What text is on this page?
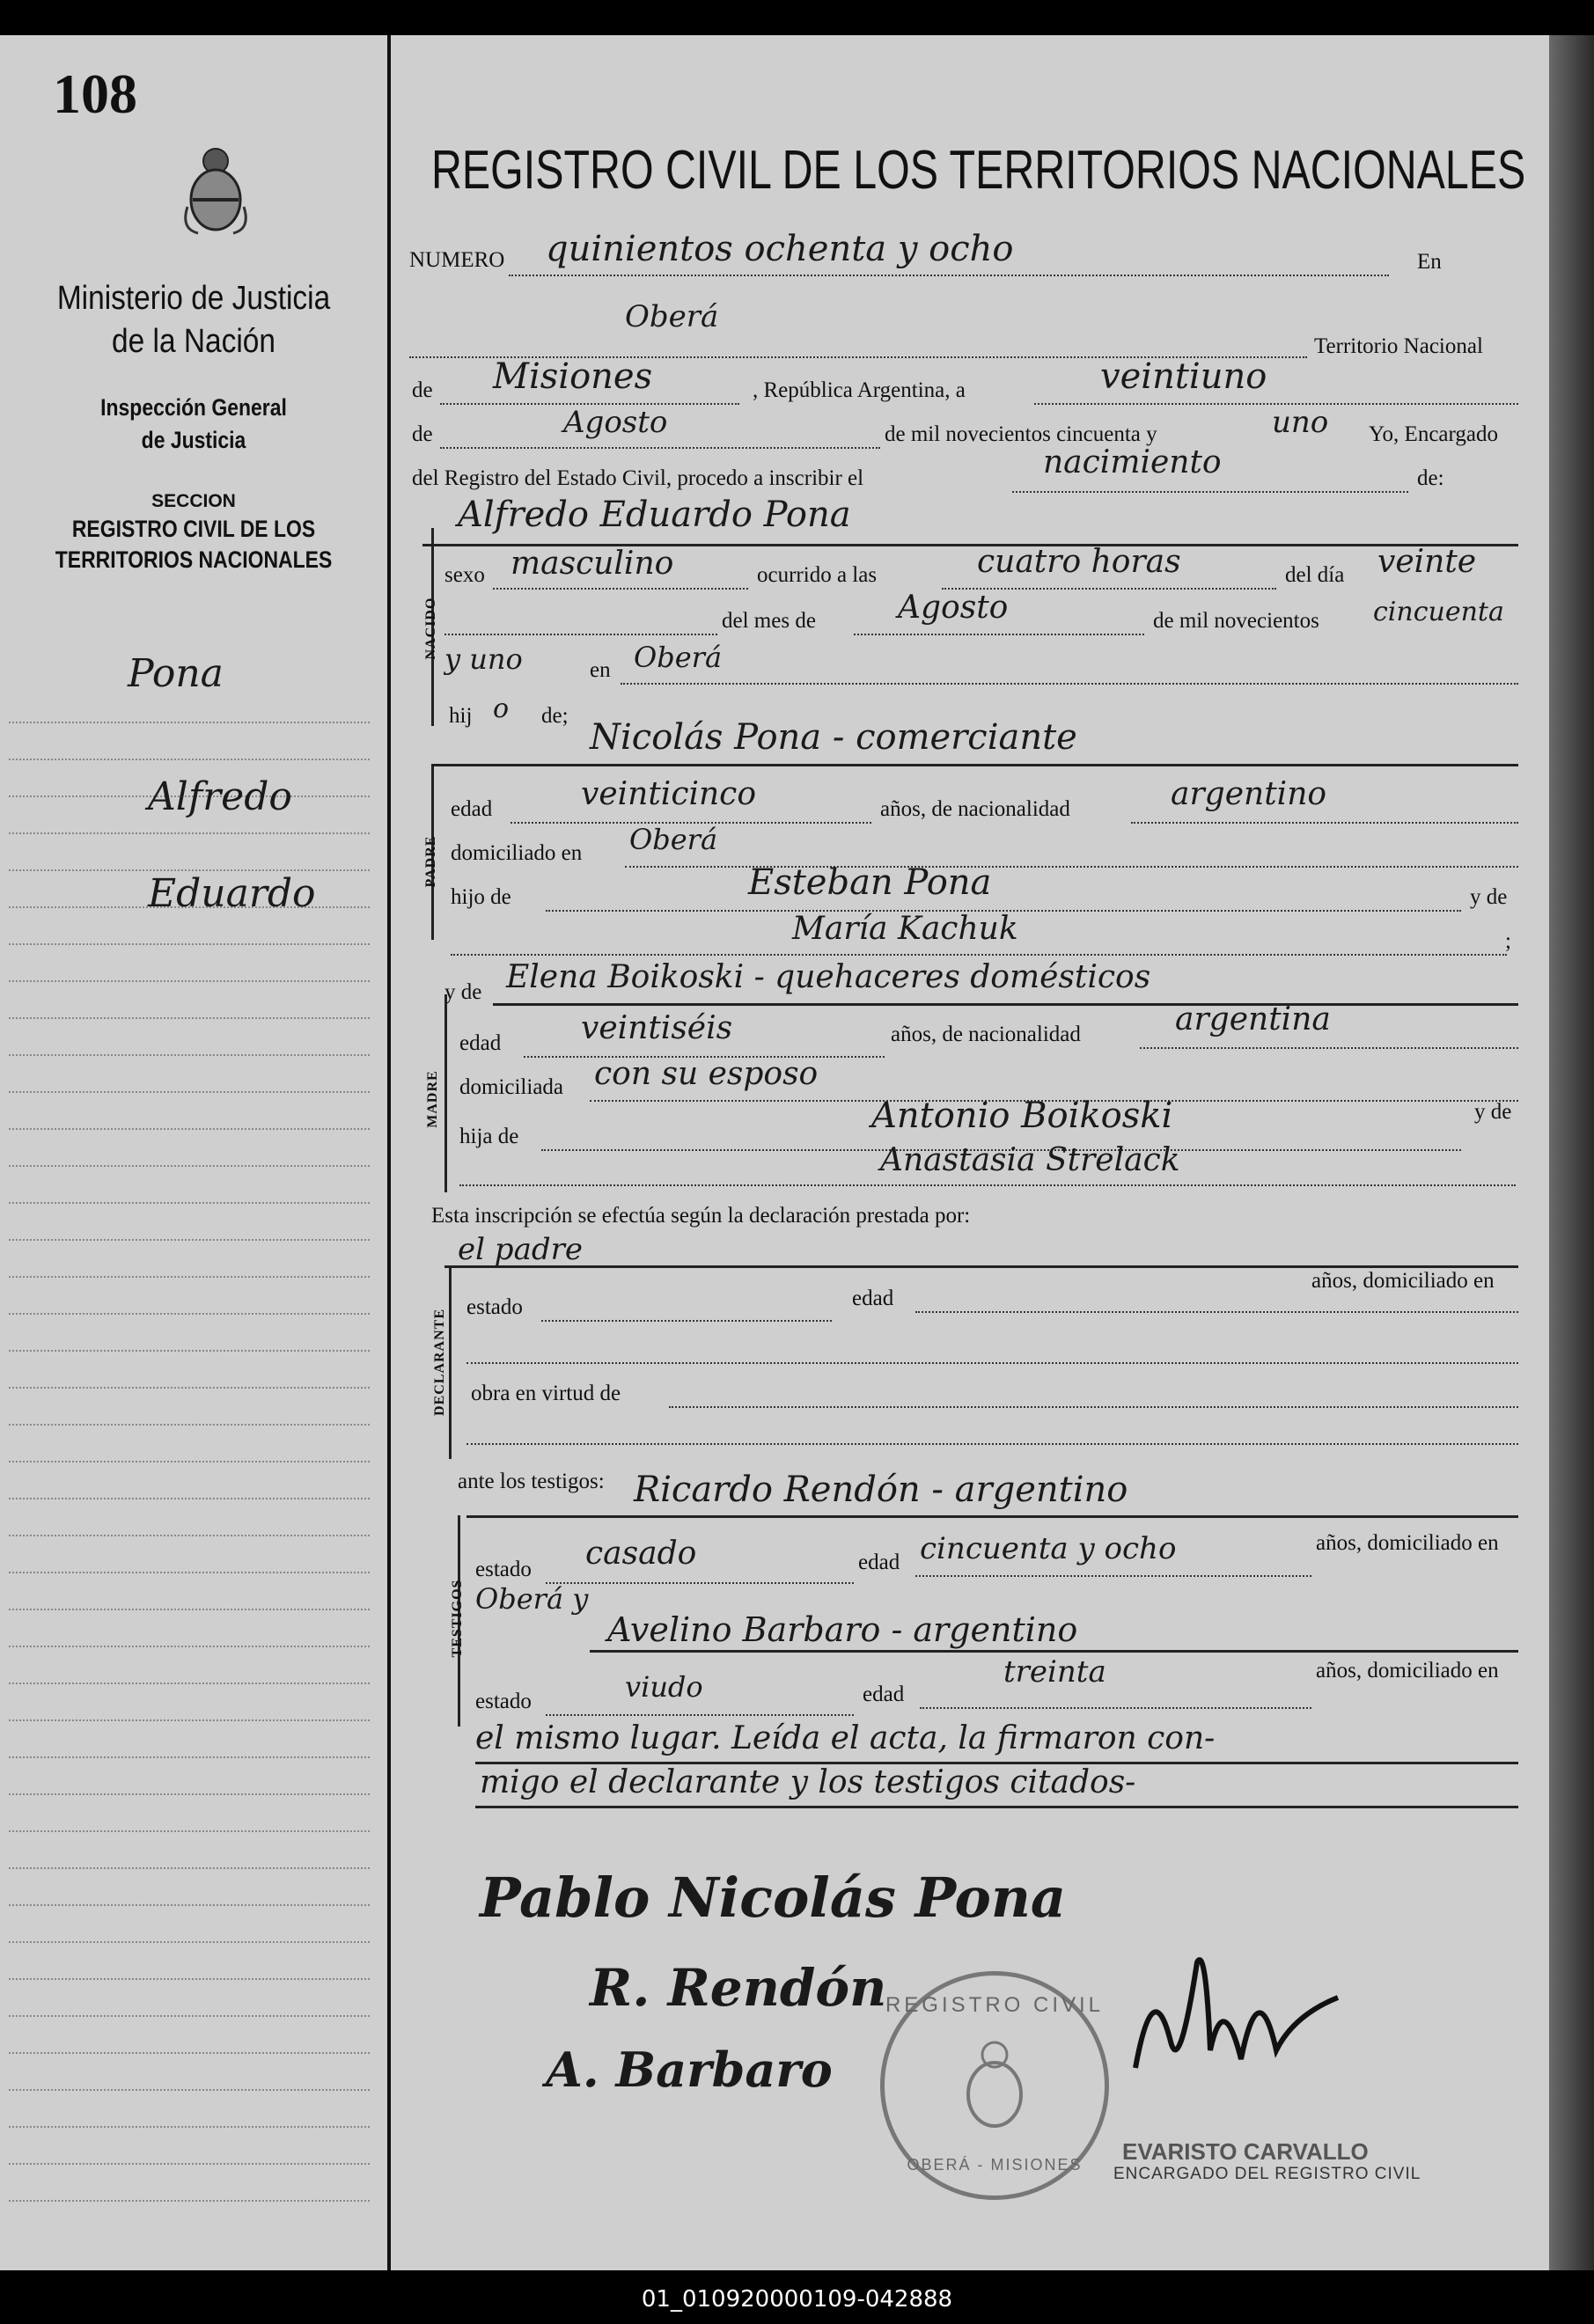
108
Ministerio de Justicia
de la Nación
Inspección General
de Justicia
SECCION
REGISTRO CIVIL DE LOS
TERRITORIOS NACIONALES
Pona
Alfredo
Eduardo
REGISTRO CIVIL DE LOS TERRITORIOS NACIONALES
NUMERO quinientos ochenta y ocho	En
Oberá
Territorio Nacional
de Misiones	, República Argentina, a	veintiuno
de	Agosto	de mil novecientos cincuenta y	uno Yo, Encargado
del Registro del Estado Civil, procedo a inscribir el	nacimiento	de:
Alfredo Eduardo Pona
NACIDO
sexo masculino	ocurrido a las	cuatro horas	del día veinte
del mes de	Agosto	de mil novecientos cincuenta
y uno	en Oberá
hij o de;
Nicolás Pona - comerciante
PADRE
edad	veinticinco	años, de nacionalidad	argentino
domiciliado en Oberá
hijo de	Esteban Pona	y de
María Kachuk	;
y de Elena Boikoski - quehaceres domésticos
MADRE
edad	veintiséis	años, de nacionalidad	argentina
domiciliada con su esposo
hija de
Antonio Boikoski	y de
Anastasia Strelack
Esta inscripción se efectúa según la declaración prestada por:
el padre
DECLARANTE
años, domiciliado en
estado	edad
obra en virtud de
ante los testigos: Ricardo Rendón - argentino
TESTIGOS
estado casado	edad cincuenta y ocho	años, domiciliado en
Oberá y
Avelino Barbaro - argentino
estado	viudo	edad
treinta	años, domiciliado en
el mismo lugar. Leída el acta, la firmaron con-
migo el declarante y los testigos citados-
Pablo Nicolás Pona
R. Rendón
A. Barbaro
REGISTRO CIVIL
OBERÁ - MISIONES	EVARISTO CARVALLO
ENCARGADO DEL REGISTRO CIVIL
01_010920000109-042888
